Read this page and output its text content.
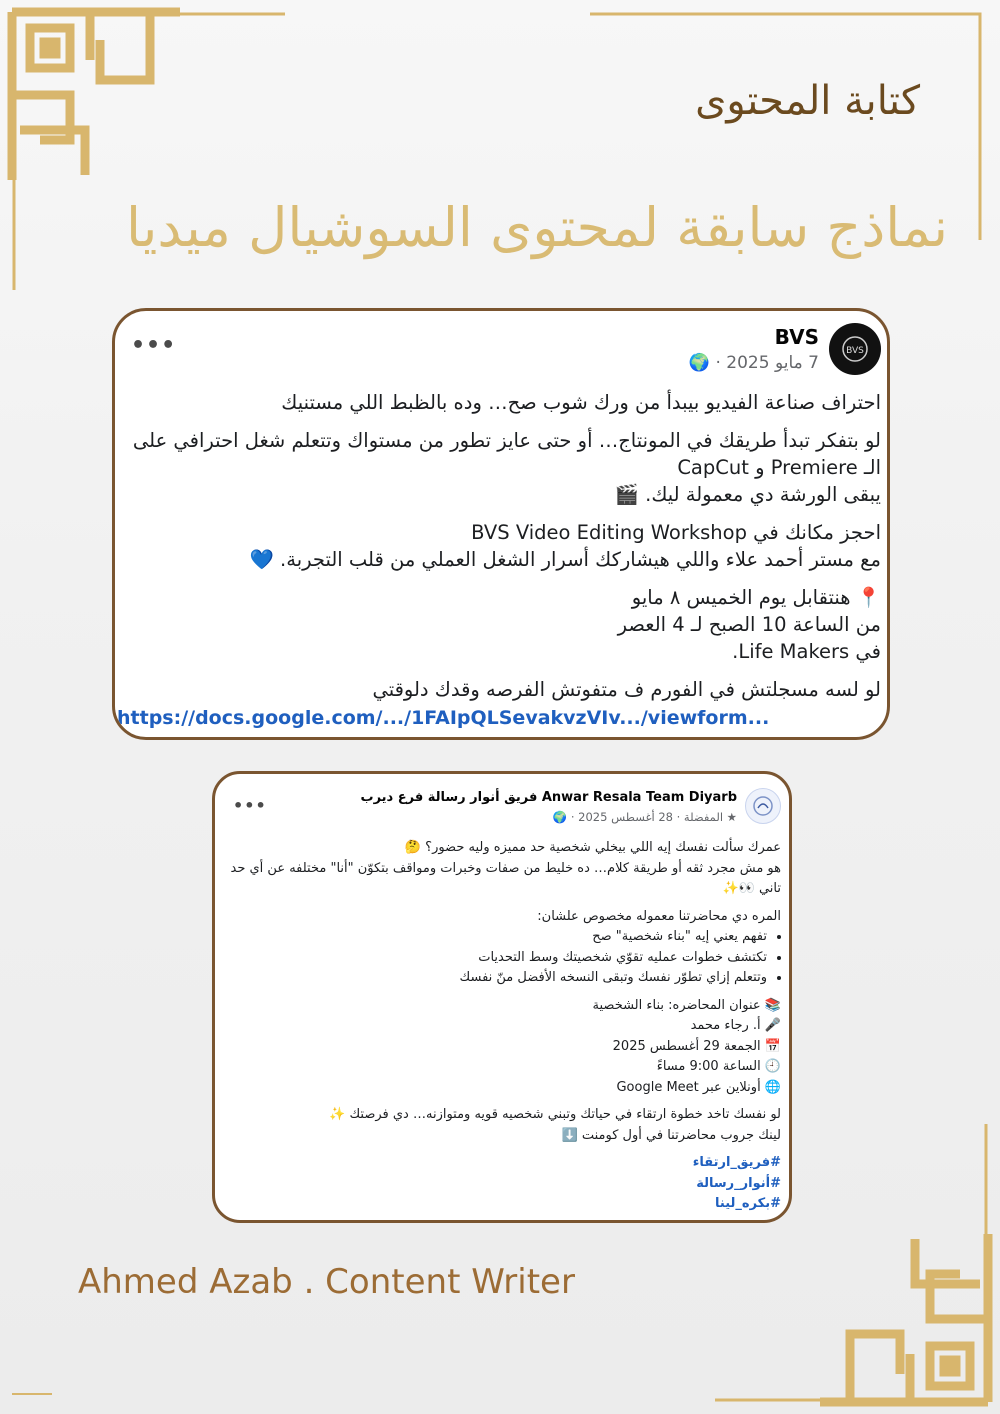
كتابة المحتوى
نماذج سابقة لمحتوى السوشيال ميديا
BVS
BVS
7 مايو 2025 · 🌍
•••

احتراف صناعة الفيديو بيبدأ من ورك شوب صح… وده بالظبط اللي مستنيك

لو بتفكر تبدأ طريقك في المونتاج… أو حتى عايز تطور من مستواك وتتعلم شغل احترافي على الـ Premiere و CapCut

يبقى الورشة دي معمولة ليك. 🎬

احجز مكانك في BVS Video Editing Workshop

مع مستر أحمد علاء واللي هيشاركك أسرار الشغل العملي من قلب التجربة. 💙

📍 هنتقابل يوم الخميس ٨ مايو

من الساعة 10 الصبح لـ 4 العصر

في Life Makers.

لو لسه مسجلتش في الفورم ف متفوتش الفرصه وقدك دلوقتي

https://docs.google.com/.../1FAIpQLSevakvzVIv.../viewform...
فريق أنوار رسالة فرع ديرب Anwar Resala Team Diyarb
★ المفضلة · 28 أغسطس 2025 · 🌍
•••

عمرك سألت نفسك إيه اللي بيخلي شخصية حد مميزه وليه حضور؟ 🤔

هو مش مجرد ثقه أو طريقة كلام… ده خليط من صفات وخبرات ومواقف بتكوّن "أنا" مختلفه عن أي حد تاني 👀✨

المره دي محاضرتنا معموله مخصوص علشان:

• تفهم يعني إيه "بناء شخصية" صح
• تكتشف خطوات عمليه تقوّي شخصيتك وسط التحديات
• وتتعلم إزاي تطوّر نفسك وتبقى النسخه الأفضل منّ نفسك
📚 عنوان المحاضره: بناء الشخصية
🎤 أ. رجاء محمد
📅 الجمعة 29 أغسطس 2025
🕘 الساعة 9:00 مساءً
🌐 أونلاين عبر Google Meet

لو نفسك تاخد خطوة ارتقاء في حياتك وتبني شخصيه قويه ومتوازنه… دي فرصتك ✨

لينك جروب محاضرتنا في أول كومنت ⬇️

#فريق_ارتقاء
#أنوار_رسالة
#بكره_لينا
Ahmed Azab . Content Writer
